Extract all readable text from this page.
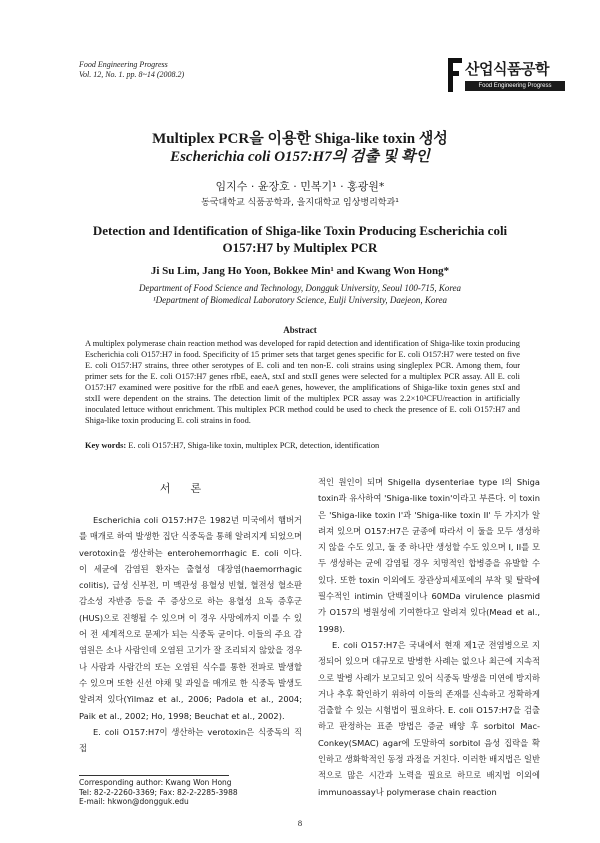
Food Engineering Progress
Vol. 12, No. 1. pp. 8~14 (2008.2)	산업식품공학
Food Engineering Progress
Multiplex PCR을 이용한 Shiga-like toxin 생성
Escherichia coli O157:H7의 검출 및 확인
임지수 · 윤장호 · 민복기¹ · 홍광원*
동국대학교 식품공학과, 을지대학교 임상병리학과¹
Detection and Identification of Shiga-like Toxin Producing Escherichia coli
O157:H7 by Multiplex PCR
Ji Su Lim, Jang Ho Yoon, Bokkee Min¹ and Kwang Won Hong*
Department of Food Science and Technology, Dongguk University, Seoul 100-715, Korea
¹Department of Biomedical Laboratory Science, Eulji University, Daejeon, Korea
Abstract
A multiplex polymerase chain reaction method was developed for rapid detection and identification of Shiga-like toxin producing Escherichia coli O157:H7 in food. Specificity of 15 primer sets that target genes specific for E. coli O157:H7 were tested on five E. coli O157:H7 strains, three other serotypes of E. coli and ten non-E. coli strains using singleplex PCR. Among them, four primer sets for the E. coli O157:H7 genes rfbE, eaeA, stxI and stxII genes were selected for a multiplex PCR assay. All E. coli O157:H7 examined were positive for the rfbE and eaeA genes, however, the amplifications of Shiga-like toxin genes stxI and stxII were dependent on the strains. The detection limit of the multiplex PCR assay was 2.2×10³CFU/reaction in artificially inoculated lettuce without enrichment. This multiplex PCR method could be used to check the presence of E. coli O157:H7 and Shiga-like toxin producing E. coli strains in food.
Key words: E. coli O157:H7, Shiga-like toxin, multiplex PCR, detection, identification
서론

Escherichia coli O157:H7은 1982년 미국에서 햄버거를 매개로 하여 발생한 집단 식중독을 통해 알려지게 되었으며 verotoxin을 생산하는 enterohemorrhagic E. coli 이다. 이 세균에 감염된 환자는 출혈성 대장염(haemorrhagic colitis), 급성 신부전, 미 맥관성 용혈성 빈혈, 혈전성 혈소판 감소성 자반증 등을 주 증상으로 하는 용혈성 요독 증후군(HUS)으로 진행될 수 있으며 이 경우 사망에까지 이를 수 있어 전 세계적으로 문제가 되는 식중독 균이다. 이들의 주요 감염원은 소나 사람인데 오염된 고기가 잘 조리되지 않았을 경우나 사람과 사람간의 또는 오염된 식수를 통한 전파로 발생할 수 있으며 또한 신선 야채 및 과일을 매개로 한 식중독 발생도 알려져 있다(Yilmaz et al., 2006; Padola et al., 2004; Paik et al., 2002; Ho, 1998; Beuchat et al., 2002).

E. coli O157:H7이 생산하는 verotoxin은 식중독의 직접

적인 원인이 되며 Shigella dysenteriae type I의 Shiga toxin과 유사하여 'Shiga-like toxin'이라고 부른다. 이 toxin은 'Shiga-like toxin I'과 'Shiga-like toxin II' 두 가지가 알려져 있으며 O157:H7은 균종에 따라서 이 둘을 모두 생성하지 않을 수도 있고, 둘 중 하나만 생성할 수도 있으며 I, II를 모두 생성하는 균에 감염될 경우 치명적인 합병증을 유발할 수 있다. 또한 toxin 이외에도 장관상피세포에의 부착 및 탈락에 필수적인 intimin 단백질이나 60MDa virulence plasmid가 O157의 병원성에 기여한다고 알려져 있다(Mead et al., 1998).

E. coli O157:H7은 국내에서 현재 제1군 전염병으로 지정되어 있으며 대규모로 발병한 사례는 없으나 최근에 지속적으로 발병 사례가 보고되고 있어 식중독 발생을 미연에 방지하거나 추후 확인하기 위하여 이들의 존재를 신속하고 정확하게 검출할 수 있는 시험법이 필요하다. E. coli O157:H7을 검출하고 판정하는 표준 방법은 증균 배양 후 sorbitol Mac-Conkey(SMAC) agar에 도말하여 sorbitol 음성 집락을 확인하고 생화학적인 동정 과정을 거친다. 이러한 배지법은 일반적으로 많은 시간과 노력을 필요로 하므로 배지법 이외에 immunoassay나 polymerase chain reaction

Corresponding author: Kwang Won Hong
Tel: 82-2-2260-3369; Fax: 82-2-2285-3988
E-mail: hkwon@dongguk.edu
8
